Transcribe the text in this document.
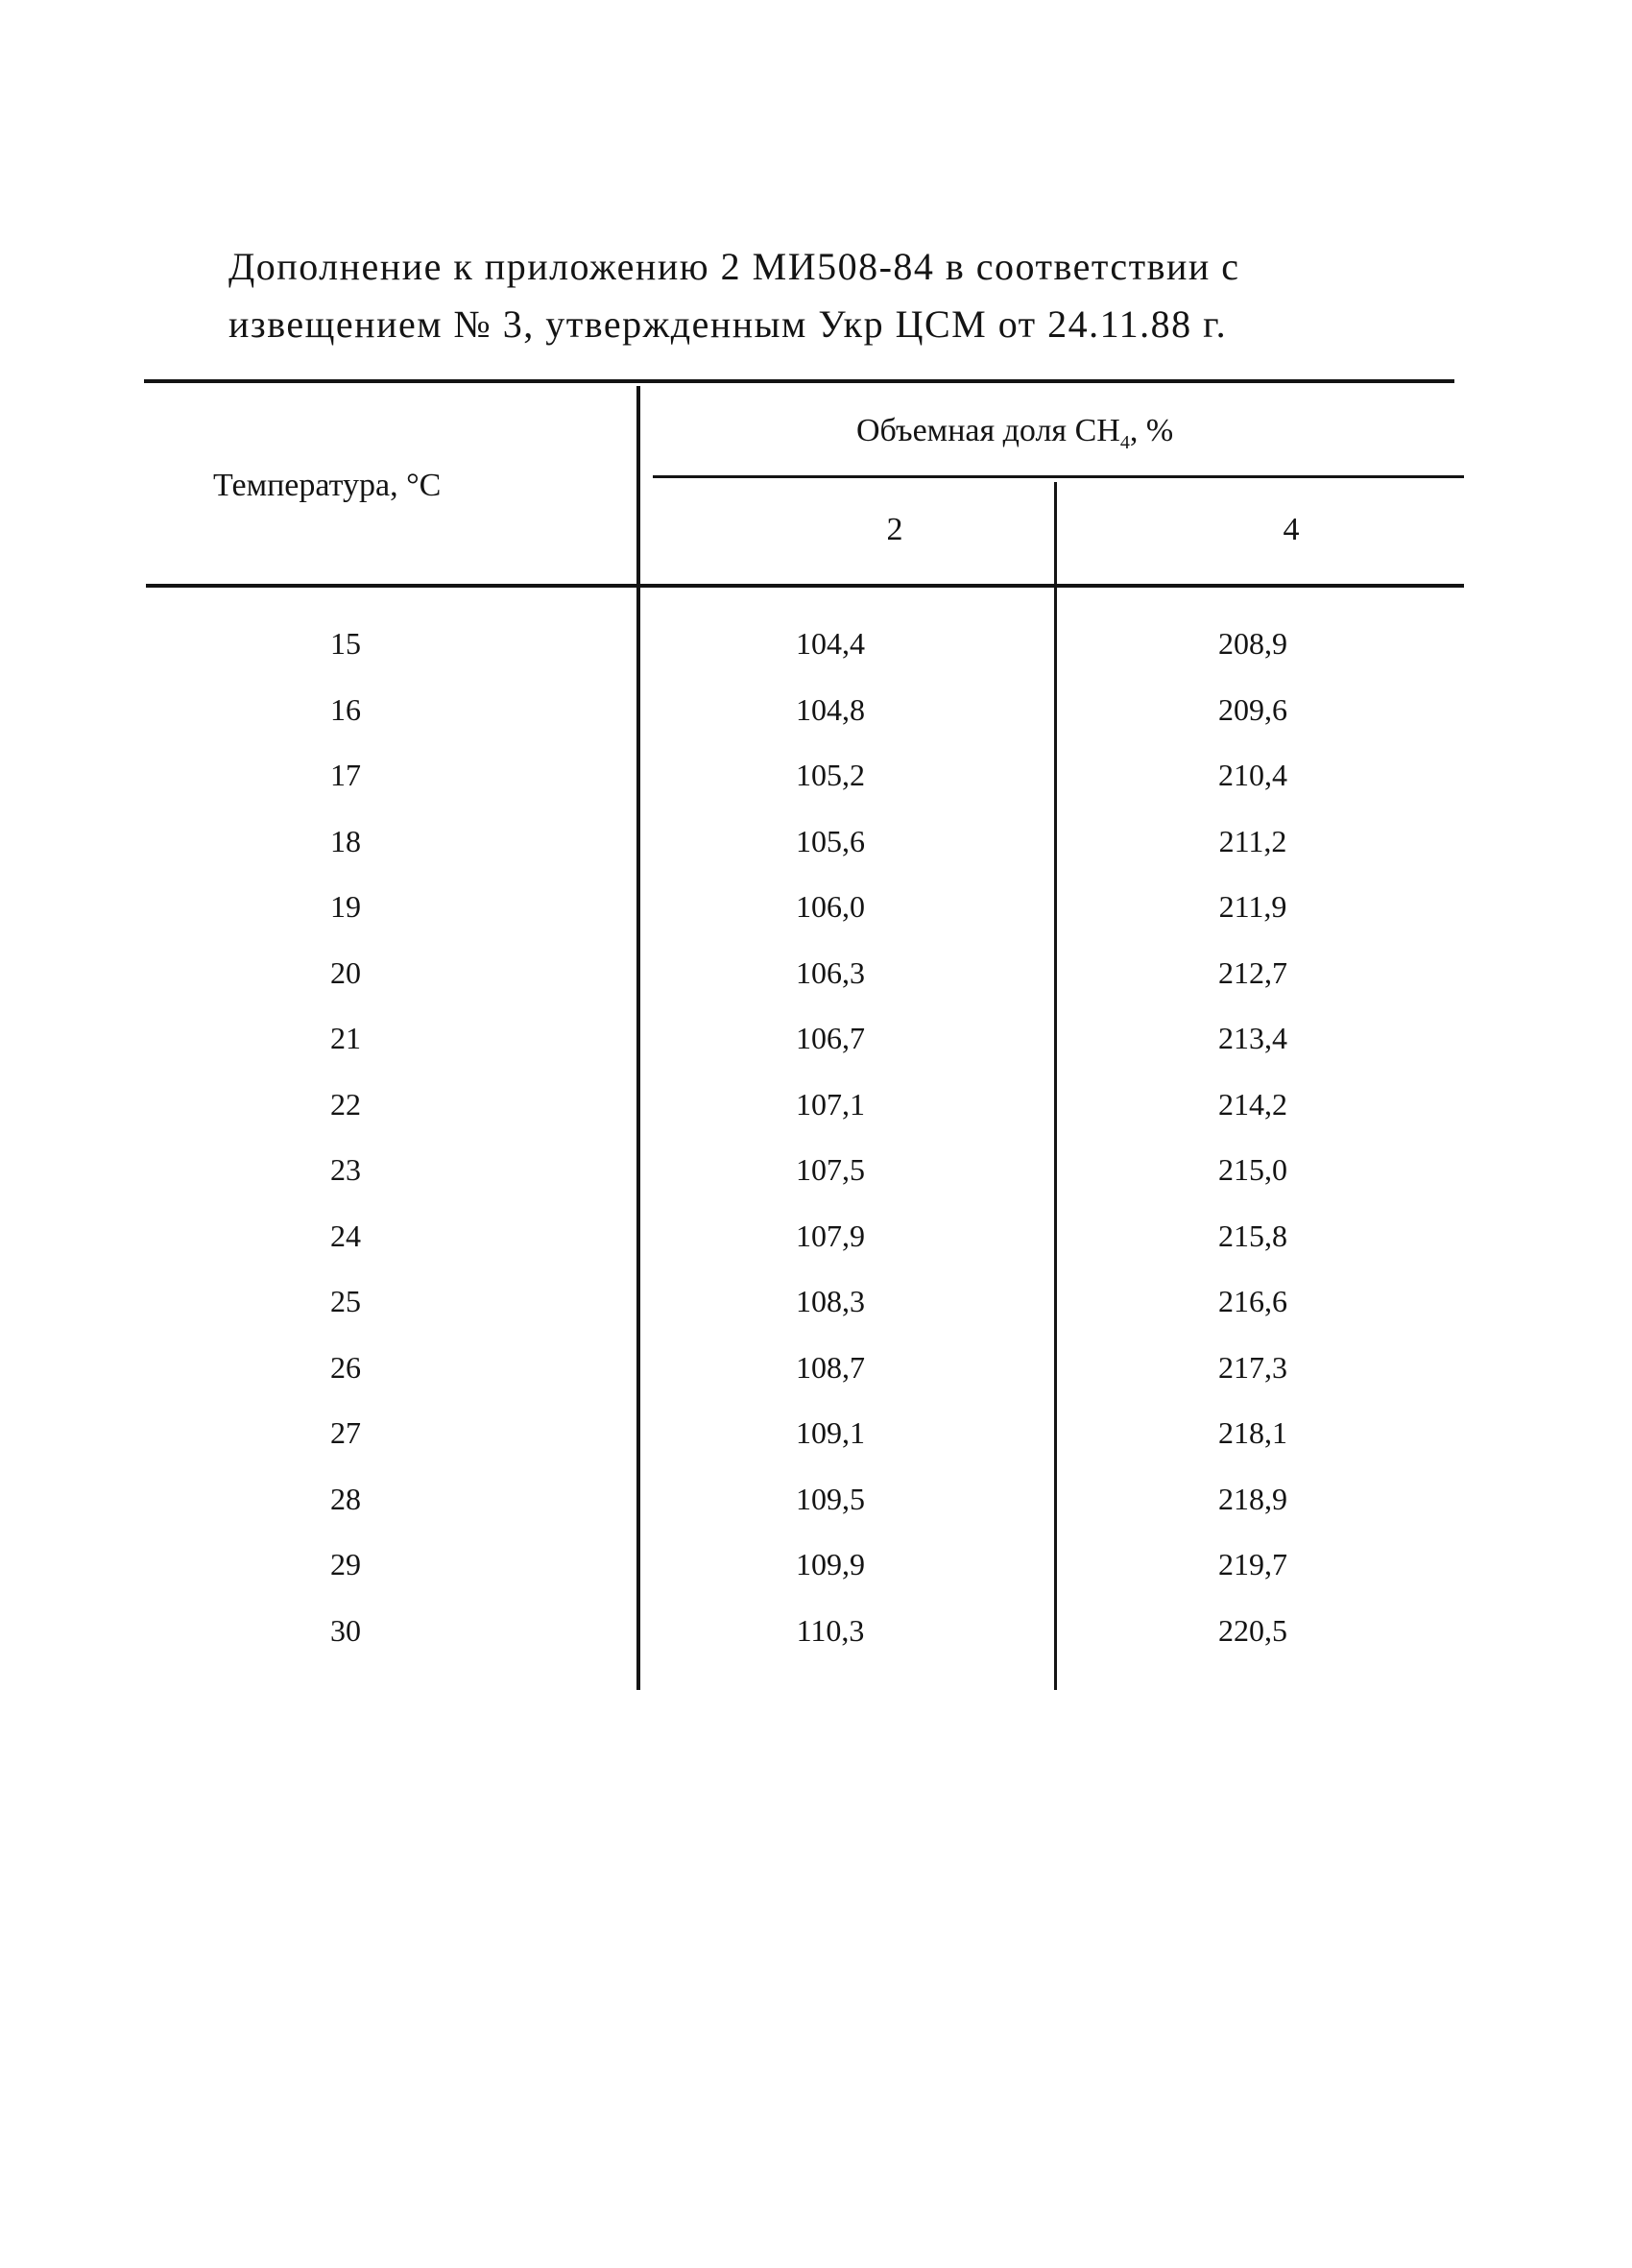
Дополнение к приложению 2 МИ508-84 в соответствии с
извещением № 3, утвержденным Укр ЦСМ от 24.11.88 г.
Температура, °C
Объемная доля $CH_4$, %
2	4
15	104,4	208,9
16	104,8	209,6
17	105,2	210,4
18	105,6	211,2
19	106,0	211,9
20	106,3	212,7
21	106,7	213,4
22	107,1	214,2
23	107,5	215,0
24	107,9	215,8
25	108,3	216,6
26	108,7	217,3
27	109,1	218,1
28	109,5	218,9
29	109,9	219,7
30	110,3	220,5
